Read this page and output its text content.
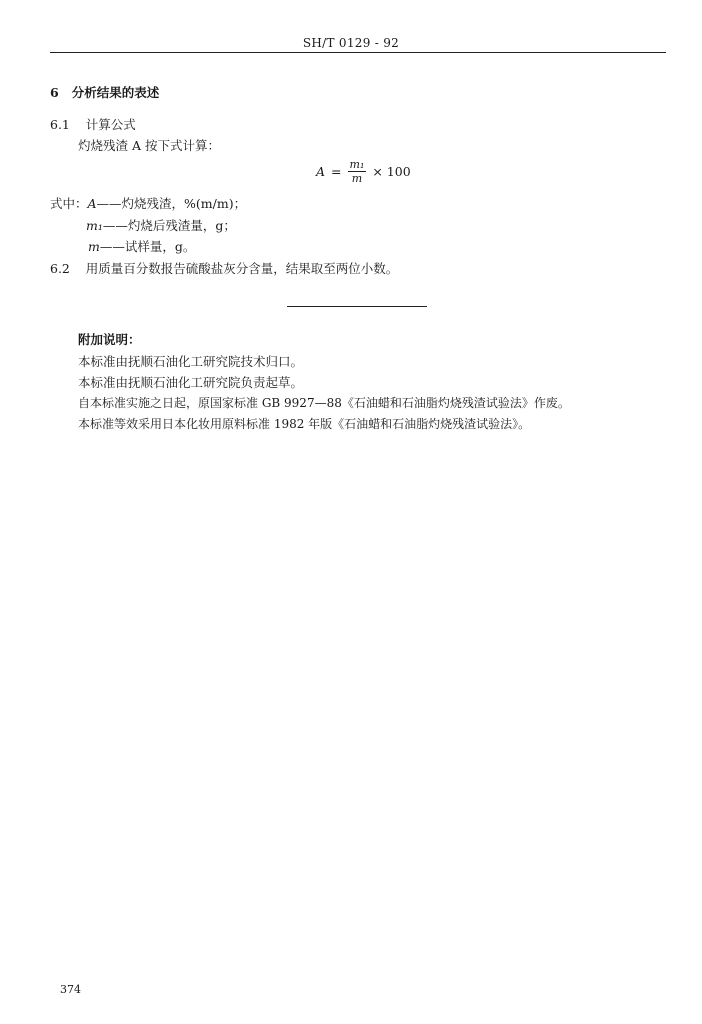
SH/T 0129 - 92
6 分析结果的表述
6.1 计算公式
灼烧残渣 A 按下式计算：
$A = \frac{\text{m₁}}{m} \times 100$
式中：A——灼烧残渣，%(m/m)；
m₁——灼烧后残渣量，g；
m——试样量，g。
6.2 用质量百分数报告硫酸盐灰分含量，结果取至两位小数。
附加说明：
本标准由抚顺石油化工研究院技术归口。
本标准由抚顺石油化工研究院负责起草。
自本标准实施之日起，原国家标准 GB 9927—88《石油蜡和石油脂灼烧残渣试验法》作废。
本标准等效采用日本化妆用原料标准 1982 年版《石油蜡和石油脂灼烧残渣试验法》。
374
